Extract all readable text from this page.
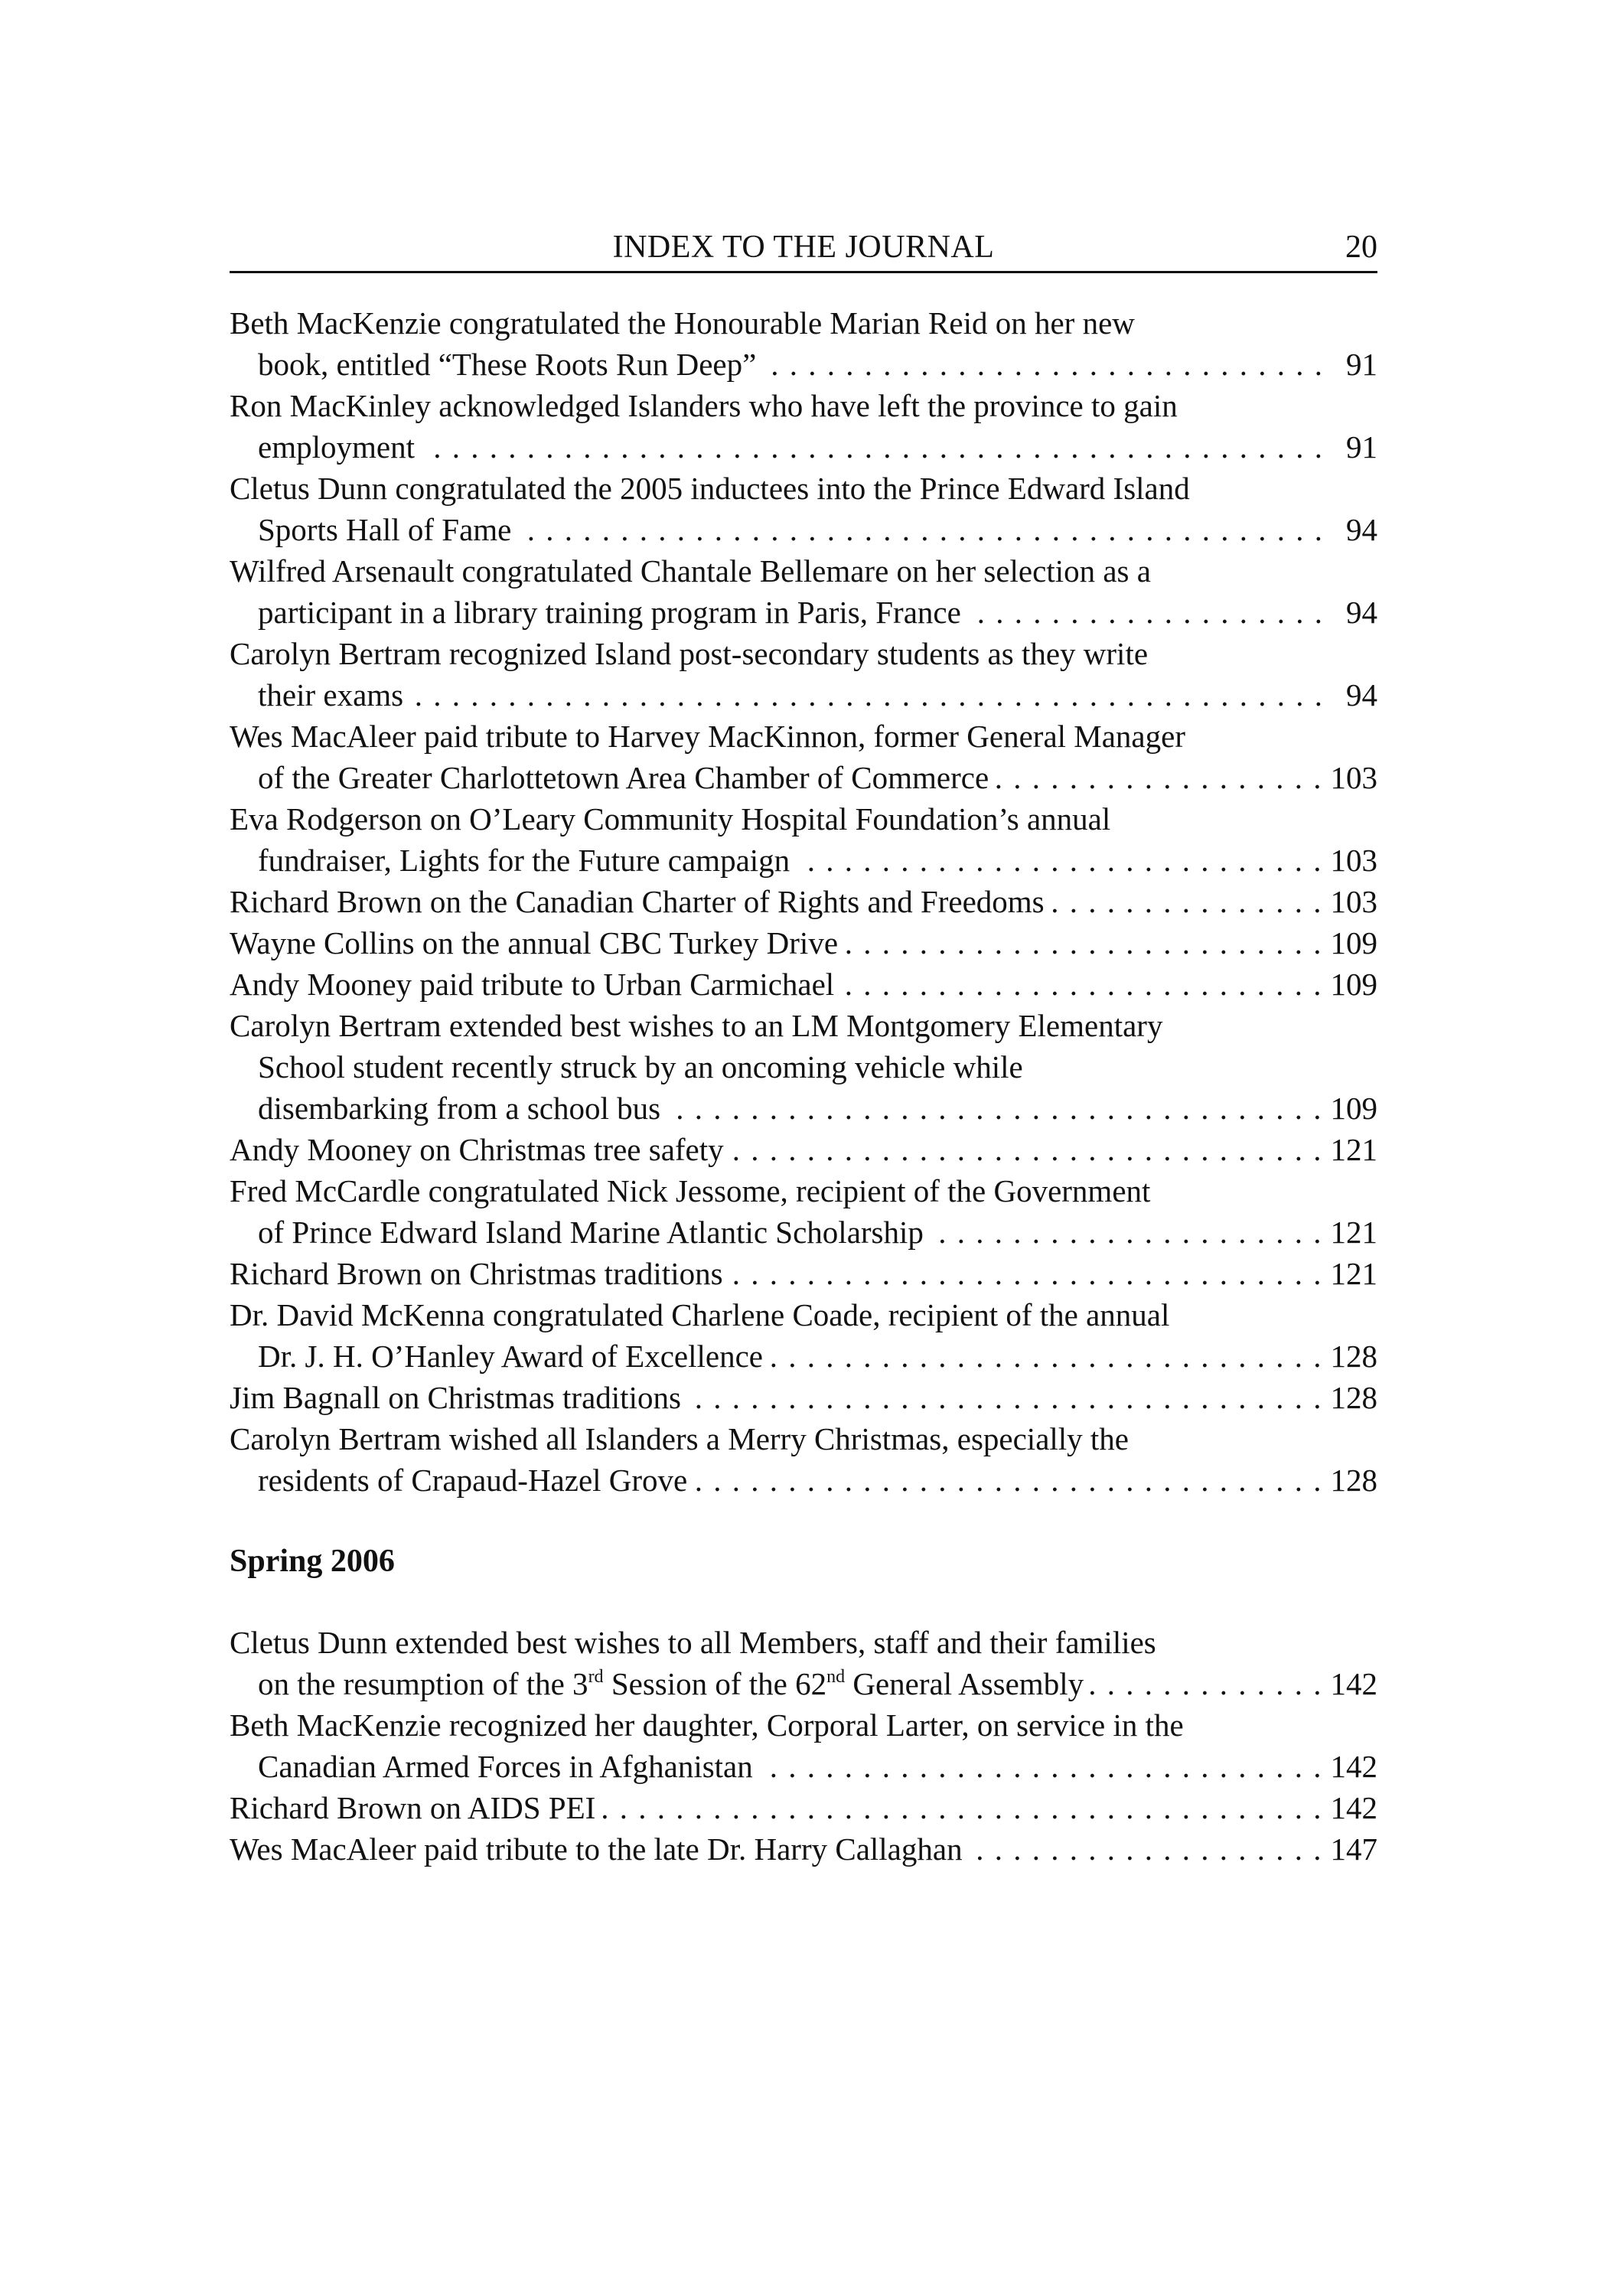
INDEX TO THE JOURNAL	20
Beth MacKenzie congratulated the Honourable Marian Reid on her new
book, entitled “These Roots Run Deep” . . .	91
Ron MacKinley acknowledged Islanders who have left the province to gain
employment . . .	91
Cletus Dunn congratulated the 2005 inductees into the Prince Edward Island
Sports Hall of Fame . . .	94
Wilfred Arsenault congratulated Chantale Bellemare on her selection as a
participant in a library training program in Paris, France . . .	94
Carolyn Bertram recognized Island post-secondary students as they write
their exams . . .	94
Wes MacAleer paid tribute to Harvey MacKinnon, former General Manager
of the Greater Charlottetown Area Chamber of Commerce . . .	103
Eva Rodgerson on O’Leary Community Hospital Foundation’s annual
fundraiser, Lights for the Future campaign . . .	103
Richard Brown on the Canadian Charter of Rights and Freedoms . . .	103
Wayne Collins on the annual CBC Turkey Drive . . .	109
Andy Mooney paid tribute to Urban Carmichael . . .	109
Carolyn Bertram extended best wishes to an LM Montgomery Elementary
School student recently struck by an oncoming vehicle while
disembarking from a school bus . . .	109
Andy Mooney on Christmas tree safety . . .	121
Fred McCardle congratulated Nick Jessome, recipient of the Government
of Prince Edward Island Marine Atlantic Scholarship . . .	121
Richard Brown on Christmas traditions . . .	121
Dr. David McKenna congratulated Charlene Coade, recipient of the annual
Dr. J. H. O’Hanley Award of Excellence . . .	128
Jim Bagnall on Christmas traditions . . .	128
Carolyn Bertram wished all Islanders a Merry Christmas, especially the
residents of Crapaud-Hazel Grove . . .	128
Spring 2006
Cletus Dunn extended best wishes to all Members, staff and their families
on the resumption of the 3rd Session of the 62nd General Assembly . . .	142
Beth MacKenzie recognized her daughter, Corporal Larter, on service in the
Canadian Armed Forces in Afghanistan . . .	142
Richard Brown on AIDS PEI . . .	142
Wes MacAleer paid tribute to the late Dr. Harry Callaghan . . .	147
